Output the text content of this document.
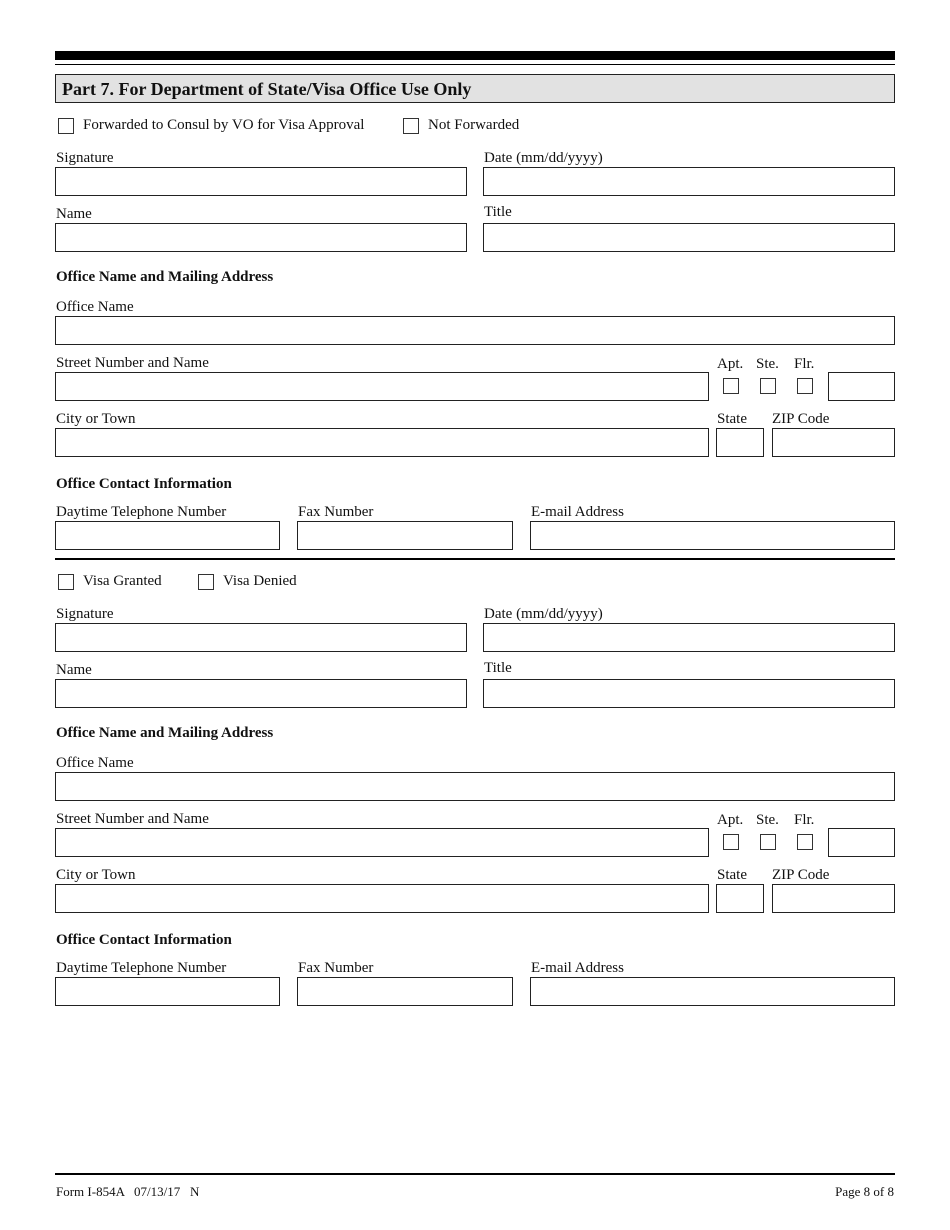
Part 7. For Department of State/Visa Office Use Only
Forwarded to Consul by VO for Visa Approval	Not Forwarded
Signature	Date (mm/dd/yyyy)
Name	Title
Office Name and Mailing Address
Office Name
Street Number and Name	Apt. Ste. Flr.
City or Town	State ZIP Code
Office Contact Information
Daytime Telephone Number	Fax Number	E-mail Address
Visa Granted	Visa Denied
Signature	Date (mm/dd/yyyy)
Name	Title
Office Name and Mailing Address
Office Name
Street Number and Name	Apt. Ste. Flr.
City or Town	State ZIP Code
Office Contact Information
Daytime Telephone Number	Fax Number	E-mail Address
Form I-854A   07/13/17   N	Page 8 of 8
